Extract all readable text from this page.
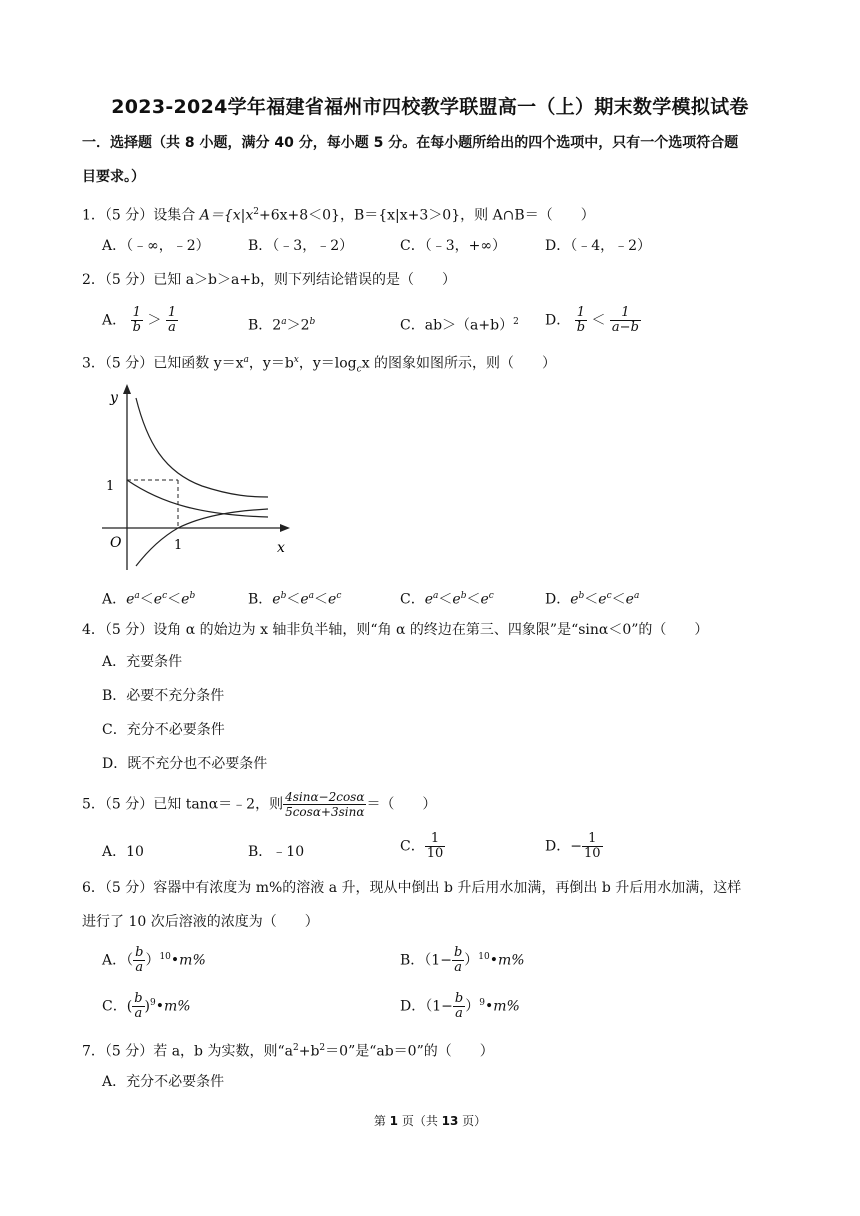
2023-2024学年福建省福州市四校教学联盟高一（上）期末数学模拟试卷
一．选择题（共 8 小题，满分 40 分，每小题 5 分。在每小题所给出的四个选项中，只有一个选项符合题
目要求。）
1．（5 分）设集合 $A=\{x|x^2+6x+8<0\}$，B＝{x|x+3＞0}，则 A∩B＝（　　）
A．（﹣∞，﹣2）	B．（﹣3，﹣2）	C．（﹣3，+∞）	D．（﹣4，﹣2）
2．（5 分）已知 a＞b＞a+b，则下列结论错误的是（　　）
A． $\frac{1}{b} > \frac{1}{a}$	B．$2^a>2^b$	C．$ab>(a+b)^2$ D． $\frac{1}{b} < \frac{1}{a-b}$
3．（5 分）已知函数 $y=x^a$，$y=b^x$，$y=\log_cx$ 的图象如图所示，则（　　）
y
x
O	1
1
A．$e^a<e^c<e^b$	B．$e^b<e^a<e^c$	C．$e^a<e^b<e^c$	D．$e^b<e^c<e^a$
4．（5 分）设角 α 的始边为 x 轴非负半轴，则“角 α 的终边在第三、四象限”是“sinα＜0”的（　　）
A．充要条件
B．必要不充分条件
C．充分不必要条件
D．既不充分也不必要条件
5．（5 分）已知 tanα＝﹣2，则 $\frac{4\sin\alpha-2\cos\alpha}{5\cos\alpha+3\sin\alpha}$ ＝（　　）
A．10	B．﹣10	C． $\frac{1}{10}$	D．− $\frac{1}{10}$
6．（5 分）容器中有浓度为 m%的溶液 a 升，现从中倒出 b 升后用水加满，再倒出 b 升后用水加满，这样
进行了 10 次后溶液的浓度为（　　）
A．（ $\frac{b}{a}$ ）$^{10}$•m%	B．（$1- \frac{b}{a}$ ）$^{10}•m\%$
C．( $\frac{b}{a}$ )$^9$•m%	D．（$1- \frac{b}{a}$ ）$^9•m\%$
7．（5 分）若 a，b 为实数，则“$a^2+b^2=0$”是“ab＝0”的（　　）
A．充分不必要条件
第 1 页（共 13 页）
